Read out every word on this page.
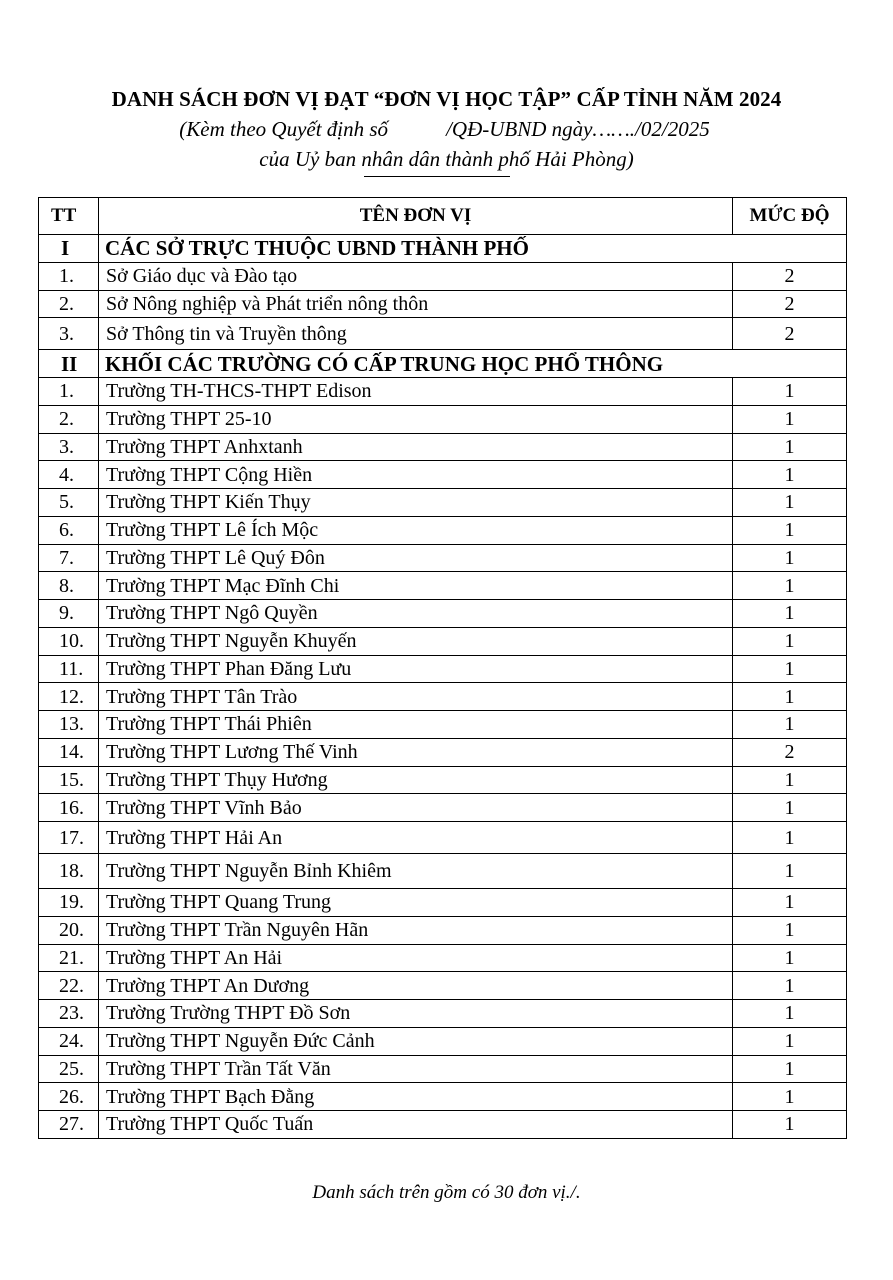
DANH SÁCH ĐƠN VỊ ĐẠT “ĐƠN VỊ HỌC TẬP” CẤP TỈNH NĂM 2024
(Kèm theo Quyết định số	/QĐ-UBND ngày……./02/2025
của Uỷ ban nhân dân thành phố Hải Phòng)
TT	TÊN ĐƠN VỊ	MỨC ĐỘ
I	CÁC SỞ TRỰC THUỘC UBND THÀNH PHỐ	
1.	Sở Giáo dục và Đào tạo	2
2.	Sở Nông nghiệp và Phát triển nông thôn	2
3.	Sở Thông tin và Truyền thông	2
II	KHỐI CÁC TRƯỜNG CÓ CẤP TRUNG HỌC PHỔ THÔNG	
1.	Trường TH-THCS-THPT Edison	1
2.	Trường THPT 25-10	1
3.	Trường THPT Anhxtanh	1
4.	Trường THPT Cộng Hiền	1
5.	Trường THPT Kiến Thụy	1
6.	Trường THPT Lê Ích Mộc	1
7.	Trường THPT Lê Quý Đôn	1
8.	Trường THPT Mạc Đĩnh Chi	1
9.	Trường THPT Ngô Quyền	1
10.	Trường THPT Nguyễn Khuyến	1
11.	Trường THPT Phan Đăng Lưu	1
12.	Trường THPT Tân Trào	1
13.	Trường THPT Thái Phiên	1
14.	Trường THPT Lương Thế Vinh	2
15.	Trường THPT Thụy Hương	1
16.	Trường THPT Vĩnh Bảo	1
17.	Trường THPT Hải An	1
18.	Trường THPT Nguyễn Bỉnh Khiêm	1
19.	Trường THPT Quang Trung	1
20.	Trường THPT Trần Nguyên Hãn	1
21.	Trường THPT An Hải	1
22.	Trường THPT An Dương	1
23.	Trường Trường THPT Đồ Sơn	1
24.	Trường THPT Nguyễn Đức Cảnh	1
25.	Trường THPT Trần Tất Văn	1
26.	Trường THPT Bạch Đằng	1
27.	Trường THPT Quốc Tuấn	1
Danh sách trên gồm có 30 đơn vị./.
